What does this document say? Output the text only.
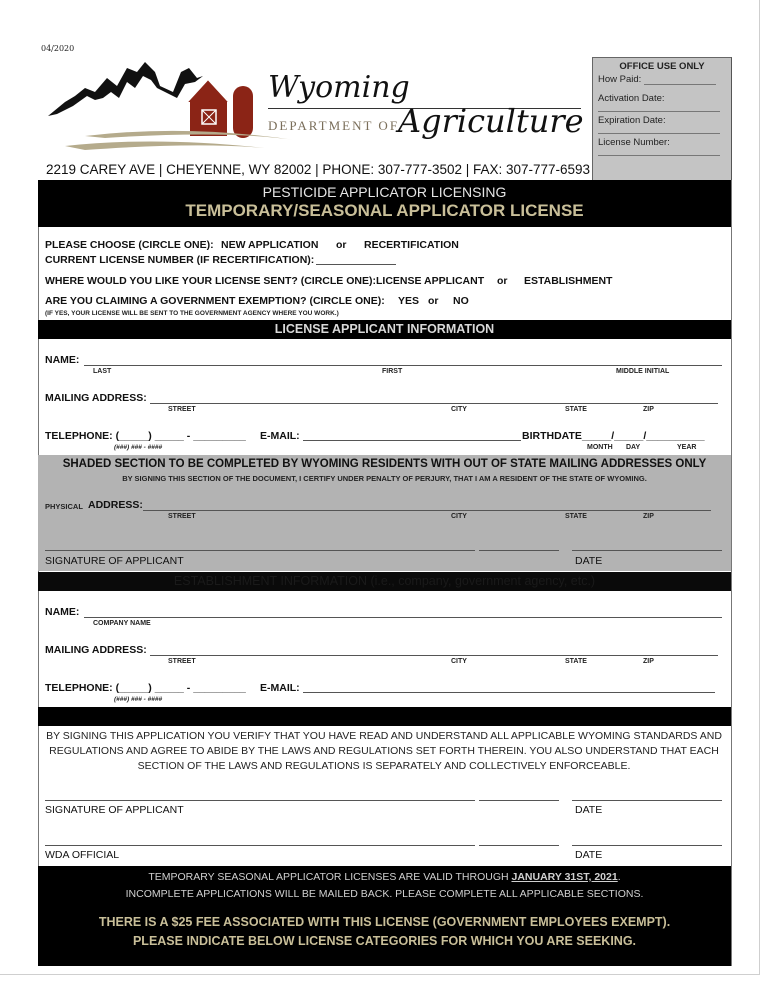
04/2020
Wyoming
DEPARTMENT OF
Agriculture
2219 CAREY AVE | CHEYENNE, WY 82002 | PHONE: 307-777-3502 | FAX: 307-777-6593
OFFICE USE ONLY
How Paid:
Activation Date:
Expiration Date:
License Number:
PESTICIDE APPLICATOR LICENSING
TEMPORARY/SEASONAL APPLICATOR LICENSE
PLEASE CHOOSE (CIRCLE ONE): NEW APPLICATION or RECERTIFICATION
CURRENT LICENSE NUMBER (IF RECERTIFICATION):
WHERE WOULD YOU LIKE YOUR LICENSE SENT? (CIRCLE ONE): LICENSE APPLICANT or ESTABLISHMENT
ARE YOU CLAIMING A GOVERNMENT EXEMPTION? (CIRCLE ONE): YES or NO
(IF YES, YOUR LICENSE WILL BE SENT TO THE GOVERNMENT AGENCY WHERE YOU WORK.)
LICENSE APPLICANT INFORMATION
NAME:
LAST	FIRST	MIDDLE INITIAL
MAILING ADDRESS:
STREET	CITY	STATE	ZIP
TELEPHONE: (_____) _____ - _________
(###) ### - ####
E-MAIL:	BIRTHDATE _____/_____/__________
MONTH DAY	YEAR
SHADED SECTION TO BE COMPLETED BY WYOMING RESIDENTS WITH OUT OF STATE MAILING ADDRESSES ONLY
BY SIGNING THIS SECTION OF THE DOCUMENT, I CERTIFY UNDER PENALTY OF PERJURY, THAT I AM A RESIDENT OF THE STATE OF WYOMING.
PHYSICAL ADDRESS:
STREET	CITY	STATE	ZIP
SIGNATURE OF APPLICANT	DATE
ESTABLISHMENT INFORMATION (i.e., company, government agency, etc.)
NAME:
COMPANY NAME
MAILING ADDRESS:
STREET	CITY	STATE	ZIP
TELEPHONE: (_____) _____ - _________
(###) ### - ####
E-MAIL:
BY SIGNING THIS APPLICATION YOU VERIFY THAT YOU HAVE READ AND UNDERSTAND ALL APPLICABLE WYOMING STANDARDS AND REGULATIONS AND AGREE TO ABIDE BY THE LAWS AND REGULATIONS SET FORTH THEREIN. YOU ALSO UNDERSTAND THAT EACH SECTION OF THE LAWS AND REGULATIONS IS SEPARATELY AND COLLECTIVELY ENFORCEABLE.
SIGNATURE OF APPLICANT	DATE
WDA OFFICIAL	DATE
TEMPORARY SEASONAL APPLICATOR LICENSES ARE VALID THROUGH JANUARY 31ST, 2021.
INCOMPLETE APPLICATIONS WILL BE MAILED BACK. PLEASE COMPLETE ALL APPLICABLE SECTIONS.
THERE IS A $25 FEE ASSOCIATED WITH THIS LICENSE (GOVERNMENT EMPLOYEES EXEMPT).
PLEASE INDICATE BELOW LICENSE CATEGORIES FOR WHICH YOU ARE SEEKING.
